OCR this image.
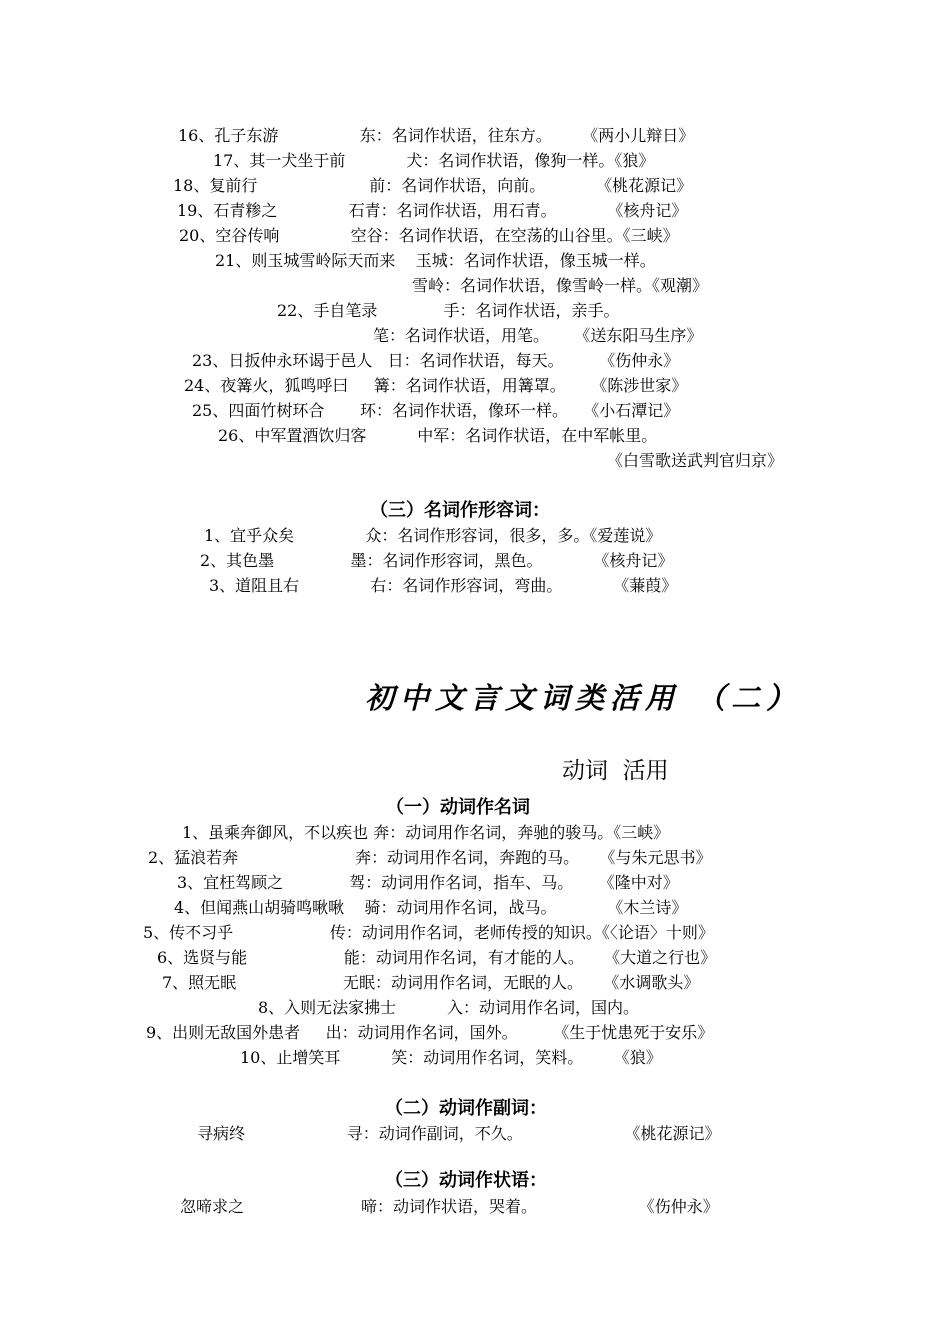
16、孔子东游                东：名词作状语，往东方。      《两小儿辩日》
17、其一犬坐于前            犬：名词作状语，像狗一样。《狼》
18、复前行                      前：名词作状语，向前。          《桃花源记》
19、石青糁之              石青：名词作状语，用石青。          《核舟记》
20、空谷传响              空谷：名词作状语，在空荡的山谷里。《三峡》
21、则玉城雪岭际天而来    玉城：名词作状语，像玉城一样。
雪岭：名词作状语，像雪岭一样。《观潮》
22、手自笔录             手：名词作状语，亲手。
笔：名词作状语，用笔。     《送东阳马生序》
23、日扳仲永环谒于邑人   日：名词作状语，每天。       《伤仲永》
24、夜篝火，狐鸣呼曰     篝：名词作状语，用篝罩。     《陈涉世家》
25、四面竹树环合       环：名词作状语，像环一样。   《小石潭记》
26、中军置酒饮归客          中军：名词作状语，在中军帐里。
《白雪歌送武判官归京》
（三）名词作形容词：
1、宜乎众矣              众：名词作形容词，很多，多。《爱莲说》
2、其色墨               墨：名词作形容词，黑色。          《核舟记》
3、道阻且右              右：名词作形容词，弯曲。          《蒹葭》
初中文言文词类活用 （二）
动词  活用
（一）动词作名词
1、虽乘奔御风，不以疾也 奔：动词用作名词，奔驰的骏马。《三峡》
2、猛浪若奔                       奔：动词用作名词，奔跑的马。    《与朱元思书》
3、宜枉驾顾之             驾：动词用作名词，指车、马。     《隆中对》
4、但闻燕山胡骑鸣啾啾    骑：动词用作名词，战马。          《木兰诗》
5、传不习乎                   传：动词用作名词，老师传授的知识。《〈论语〉十则》
6、选贤与能                   能：动词用作名词，有才能的人。    《大道之行也》
7、照无眠                     无眠：动词用作名词，无眠的人。    《水调歌头》
8、入则无法家拂士          入：动词用作名词，国内。
9、出则无敌国外患者     出：动词用作名词，国外。       《生于忧患死于安乐》
10、止增笑耳          笑：动词用作名词，笑料。      《狼》
（二）动词作副词：
寻病终                    寻：动词作副词，不久。                    《桃花源记》
（三）动词作状语：
忽啼求之                       啼：动词作状语，哭着。                    《伤仲永》
